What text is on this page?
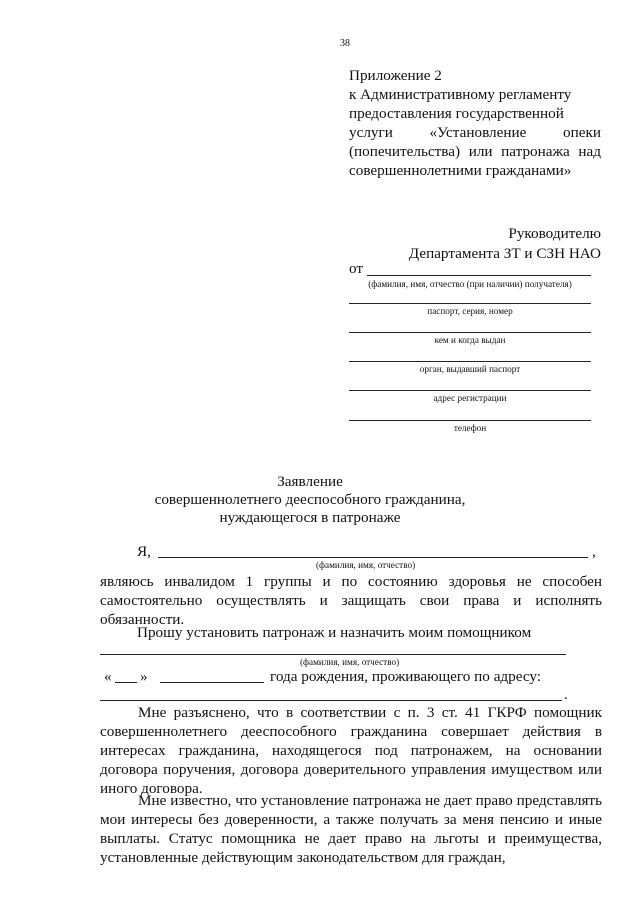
38
Приложение 2
к Административному регламенту
предоставления государственной
услуги «Установление опеки
(попечительства) или патронажа над
совершеннолетними гражданами»
Руководителю
Департамента ЗТ и СЗН НАО
от
(фамилия, имя, отчество (при наличии) получателя)
паспорт, серия, номер
кем и когда выдан
орган, выдавший паспорт
адрес регистрации
телефон
Заявление
совершеннолетнего дееспособного гражданина,
нуждающегося в патронаже
Я,	,
(фамилия, имя, отчество)
являюсь инвалидом 1 группы и по состоянию здоровья не способен
самостоятельно осуществлять и защищать свои права и исполнять
обязанности.
Прошу установить патронаж и назначить моим помощником
(фамилия, имя, отчество)
« »	года рождения, проживающего по адресу:
.
Мне разъяснено, что в соответствии с п. 3 ст. 41 ГКРФ помощник совершеннолетнего дееспособного гражданина совершает действия в интересах гражданина, находящегося под патронажем, на основании договора поручения, договора доверительного управления имуществом или иного договора.
Мне известно, что установление патронажа не дает право представлять мои интересы без доверенности, а также получать за меня пенсию и иные выплаты. Статус помощника не дает право на льготы и преимущества, установленные действующим законодательством для граждан,
